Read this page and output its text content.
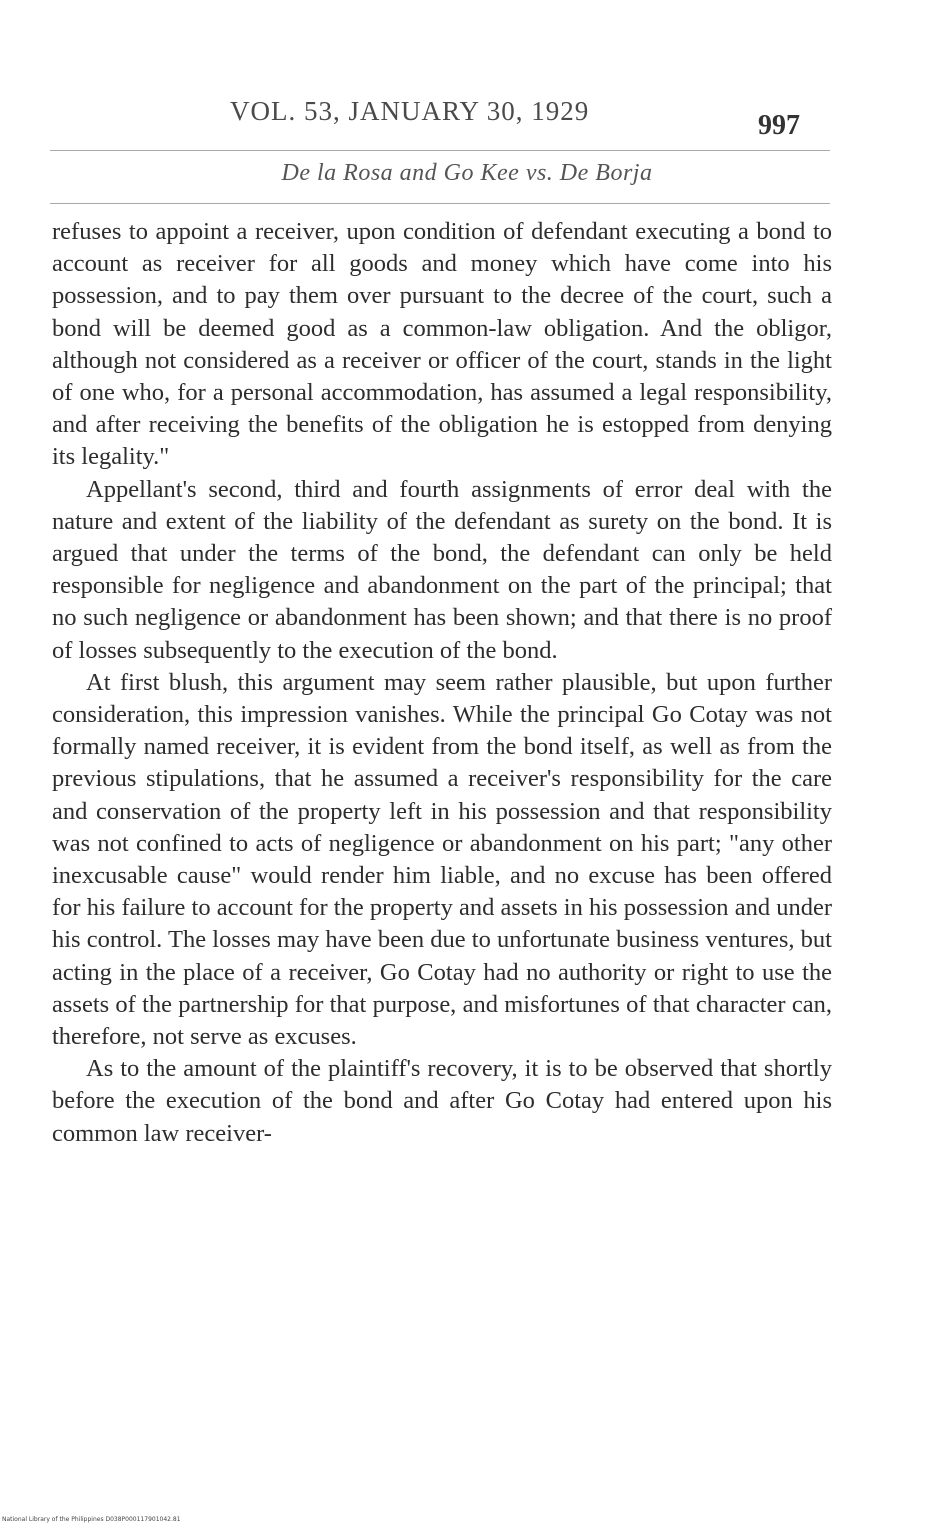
VOL. 53, JANUARY 30, 1929	997
De la Rosa and Go Kee vs. De Borja

refuses to appoint a receiver, upon condition of defendant executing a bond to account as receiver for all goods and money which have come into his possession, and to pay them over pursuant to the decree of the court, such a bond will be deemed good as a common-law obligation. And the obligor, although not considered as a receiver or officer of the court, stands in the light of one who, for a personal accommodation, has assumed a legal responsibility, and after receiving the benefits of the obligation he is estopped from denying its legality."

Appellant's second, third and fourth assignments of error deal with the nature and extent of the liability of the defendant as surety on the bond. It is argued that under the terms of the bond, the defendant can only be held responsible for negligence and abandonment on the part of the principal; that no such negligence or abandonment has been shown; and that there is no proof of losses subsequently to the execution of the bond.

At first blush, this argument may seem rather plausible, but upon further consideration, this impression vanishes. While the principal Go Cotay was not formally named receiver, it is evident from the bond itself, as well as from the previous stipulations, that he assumed a receiver's responsibility for the care and conservation of the property left in his possession and that responsibility was not confined to acts of negligence or abandonment on his part; "any other inexcusable cause" would render him liable, and no excuse has been offered for his failure to account for the property and assets in his possession and under his control. The losses may have been due to unfortunate business ventures, but acting in the place of a receiver, Go Cotay had no authority or right to use the assets of the partnership for that purpose, and misfortunes of that character can, therefore, not serve as excuses.

As to the amount of the plaintiff's recovery, it is to be observed that shortly before the execution of the bond and after Go Cotay had entered upon his common law receiver-

National Library of the Philippines D038P000117901042.81
